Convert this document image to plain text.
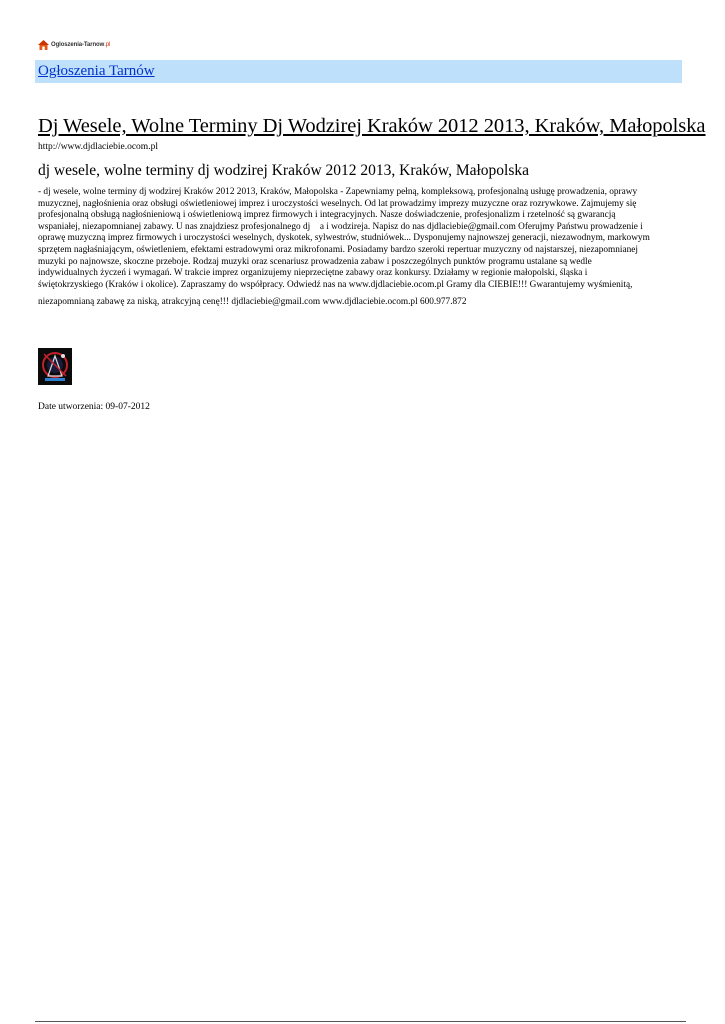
Ogloszenia-Tarnow.pl
Ogłoszenia Tarnów
Dj Wesele, Wolne Terminy Dj Wodzirej Kraków 2012 2013, Kraków, Małopolska
http://www.djdlaciebie.ocom.pl
dj wesele, wolne terminy dj wodzirej Kraków 2012 2013, Kraków, Małopolska
- dj wesele, wolne terminy dj wodzirej Kraków 2012 2013, Kraków, Małopolska - Zapewniamy pełną, kompleksową, profesjonalną usługę prowadzenia, oprawy
muzycznej, nagłośnienia oraz obsługi oświetleniowej imprez i uroczystości weselnych. Od lat prowadzimy imprezy muzyczne oraz rozrywkowe. Zajmujemy się
profesjonalną obsługą nagłośnieniową i oświetleniową imprez firmowych i integracyjnych. Nasze doświadczenie, profesjonalizm i rzetelność są gwarancją
wspaniałej, niezapomnianej zabawy. U nas znajdziesz profesjonalnego dj  a i wodzireja. Napisz do nas djdlaciebie@gmail.com Oferujmy Państwu prowadzenie i
oprawę muzyczną imprez firmowych i uroczystości weselnych, dyskotek, sylwestrów, studniówek... Dysponujemy najnowszej generacji, niezawodnym, markowym
sprzętem nagłaśniającym, oświetleniem, efektami estradowymi oraz mikrofonami. Posiadamy bardzo szeroki repertuar muzyczny od najstarszej, niezapomnianej
muzyki po najnowsze, skoczne przeboje. Rodzaj muzyki oraz scenariusz prowadzenia zabaw i poszczególnych punktów programu ustalane są wedle
indywidualnych życzeń i wymagań. W trakcie imprez organizujemy nieprzeciętne zabawy oraz konkursy. Działamy w regionie małopolski, śląska i
świętokrzyskiego (Kraków i okolice). Zapraszamy do współpracy. Odwiedź nas na www.djdlaciebie.ocom.pl Gramy dla CIEBIE!!! Gwarantujemy wyśmienitą,
niezapomnianą zabawę za niską, atrakcyjną cenę!!! djdlaciebie@gmail.com www.djdlaciebie.ocom.pl 600.977.872
Date utworzenia: 09-07-2012
